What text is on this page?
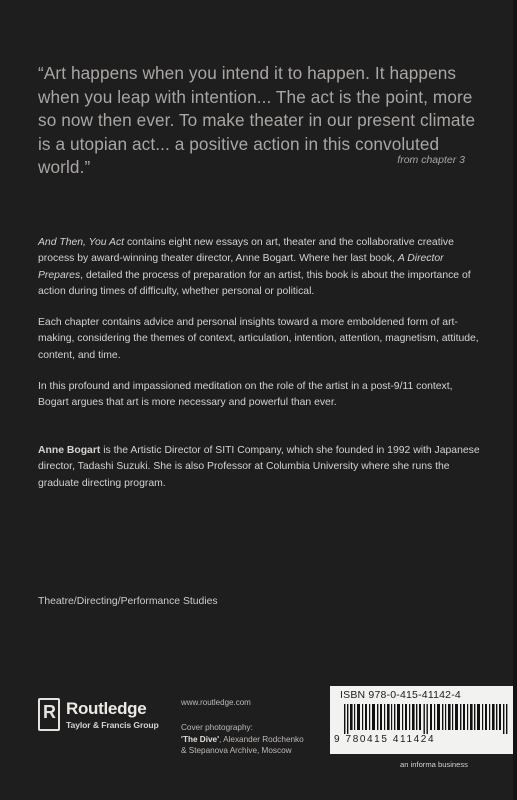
“Art happens when you intend it to happen. It happens when you leap with intention... The act is the point, more so now then ever. To make theater in our present climate is a utopian act... a positive action in this convoluted world.”	from chapter 3
And Then, You Act contains eight new essays on art, theater and the collaborative creative process by award-winning theater director, Anne Bogart. Where her last book, A Director Prepares, detailed the process of preparation for an artist, this book is about the importance of action during times of difficulty, whether personal or political.
Each chapter contains advice and personal insights toward a more emboldened form of art-making, considering the themes of context, articulation, intention, attention, magnetism, attitude, content, and time.
In this profound and impassioned meditation on the role of the artist in a post-9/11 context, Bogart argues that art is more necessary and powerful than ever.
Anne Bogart is the Artistic Director of SITI Company, which she founded in 1992 with Japanese director, Tadashi Suzuki. She is also Professor at Columbia University where she runs the graduate directing program.
Theatre/Directing/Performance Studies
R Routledge
Taylor & Francis Group
www.routledge.com
Cover photography:
'The Dive', Alexander Rodchenko
& Stepanova Archive, Moscow
ISBN 978-0-415-41142-4
9 780415 411424
an informa business
